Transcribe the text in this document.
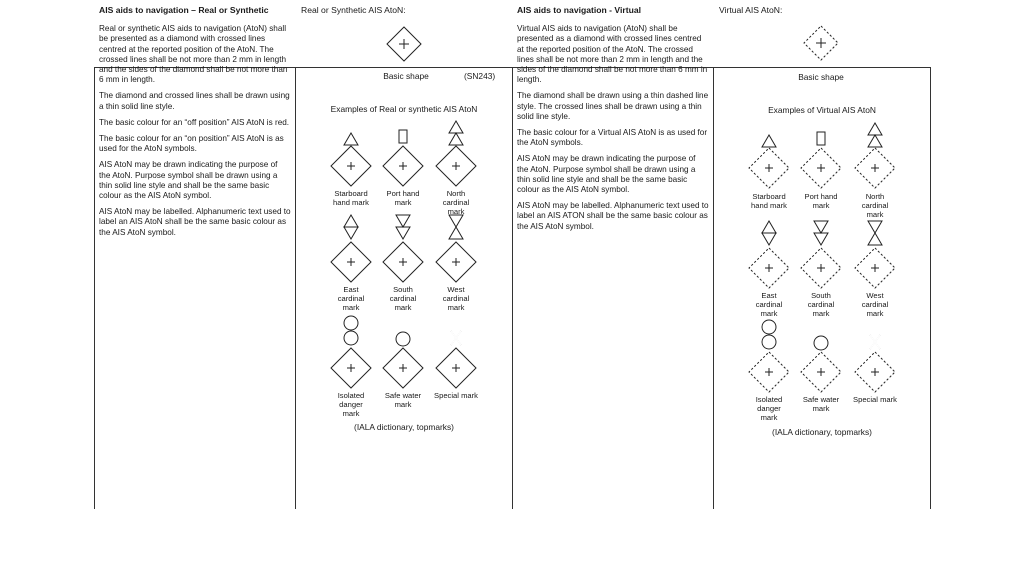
AIS aids to navigation – Real or Synthetic

Real or synthetic AIS aids to navigation (AtoN) shall be presented as a diamond with crossed lines centred at the reported position of the AtoN. The crossed lines shall be not more than 2 mm in length and the sides of the diamond shall be not more than 6 mm in length.

The diamond and crossed lines shall be drawn using a thin solid line style.

The basic colour for an “off position” AIS AtoN is red.

The basic colour for an “on position” AIS AtoN is as used for the AtoN symbols.

AIS AtoN may be drawn indicating the purpose of the AtoN. Purpose symbol shall be drawn using a thin solid line style and shall be the same basic colour as the AIS AtoN symbol.

AIS AtoN may be labelled. Alphanumeric text used to label an AIS AtoN shall be the same basic colour as the AIS AtoN symbol.

Real or Synthetic AIS AtoN:
Basic shape	(SN243)
Examples of Real or synthetic AIS AtoN
(IALA dictionary, topmarks)
Starboard
hand mark
Port hand
mark
North
cardinal
mark
East
cardinal
mark
South
cardinal
mark
West
cardinal
mark
Isolated
danger
mark
Safe water
mark
Special mark
AIS aids to navigation - Virtual

Virtual AIS aids to navigation (AtoN) shall be presented as a diamond with crossed lines centred at the reported position of the AtoN. The crossed lines shall be not more than 2 mm in length and the sides of the diamond shall be not more than 6 mm in length.

The diamond shall be drawn using a thin dashed line style. The crossed lines shall be drawn using a thin solid line style.

The basic colour for a Virtual AIS AtoN is as used for the AtoN symbols.

AIS AtoN may be drawn indicating the purpose of the AtoN. Purpose symbol shall be drawn using a thin solid line style and shall be the same basic colour as the AIS AtoN symbol.

AIS AtoN may be labelled. Alphanumeric text used to label an AIS ATON shall be the same basic colour as the AIS AtoN symbol.

Virtual AIS AtoN:
Basic shape
Examples of Virtual AIS AtoN
(IALA dictionary, topmarks)
Starboard
hand mark
Port hand
mark
North
cardinal
mark
East
cardinal
mark
South
cardinal
mark
West
cardinal
mark
Isolated
danger
mark
Safe water
mark
Special mark
